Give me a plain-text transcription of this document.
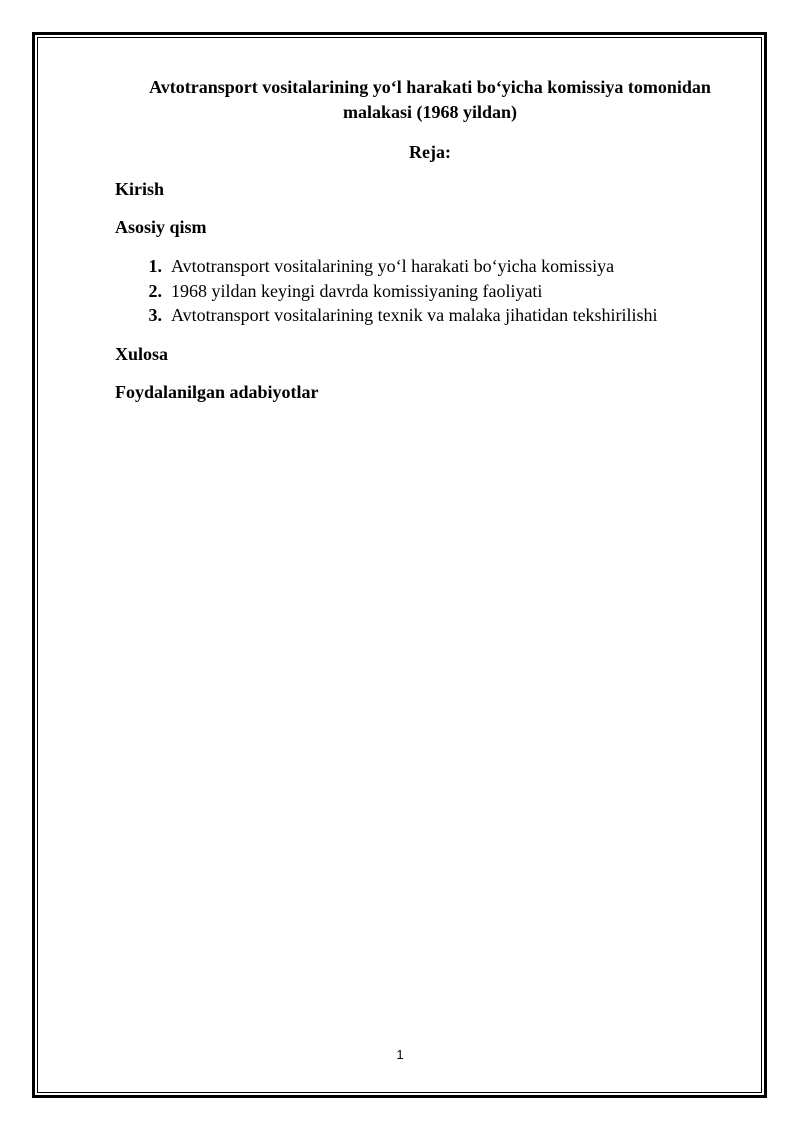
Avtotransport vositalarining yo‘l harakati bo‘yicha komissiya tomonidan malakasi (1968 yildan)
Reja:
Kirish
Asosiy qism
1. Avtotransport vositalarining yo‘l harakati bo‘yicha komissiya
2. 1968 yildan keyingi davrda komissiyaning faoliyati
3. Avtotransport vositalarining texnik va malaka jihatidan tekshirilishi
Xulosa
Foydalanilgan adabiyotlar
1
